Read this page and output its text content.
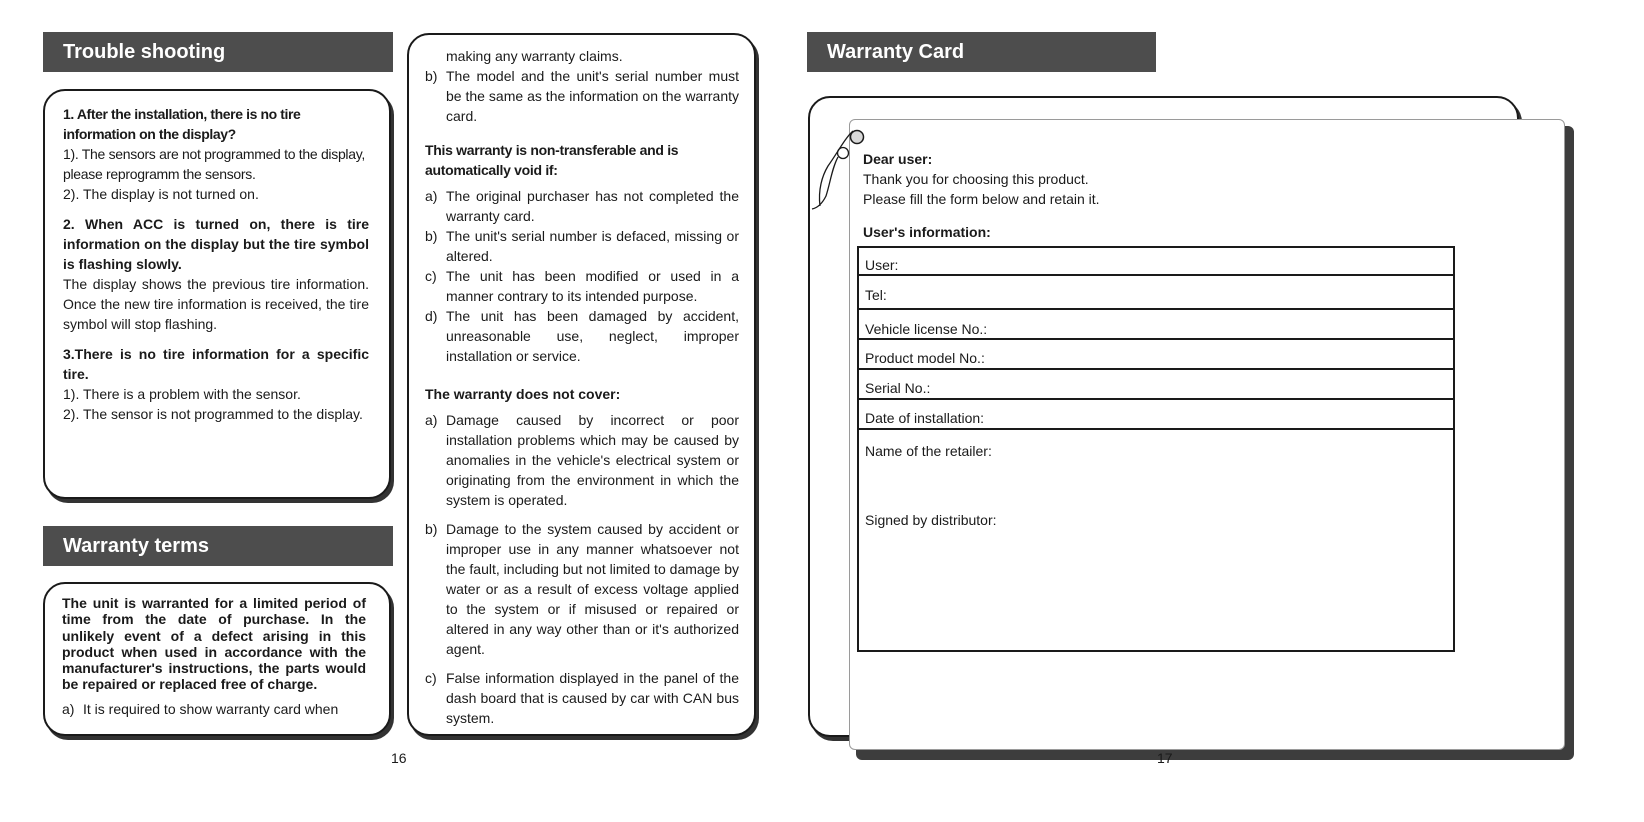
Trouble shooting

1. After the installation, there is no tire information on the display?

1). The sensors are not programmed to the display, please reprogramm the sensors.

2). The display is not turned on.

2. When ACC is turned on, there is tire information on the display but the tire symbol is flashing slowly.

The display shows the previous tire information. Once the new tire information is received, the tire symbol will stop flashing.

3.There is no tire information for a specific tire.

1). There is a problem with the sensor.

2). The sensor is not programmed to the display.

Warranty terms

The unit is warranted for a limited period of time from the date of purchase. In the unlikely event of a defect arising in this product when used in accordance with the manufacturer's instructions, the parts would be repaired or replaced free of charge.

a) It is required to show warranty card when
16

making any warranty claims.

b) The model and the unit's serial number must be the same as the information on the warranty card.

This warranty is non-transferable and is automatically void if:

a) The original purchaser has not completed the warranty card.
b) The unit's serial number is defaced, missing or altered.
c) The unit has been modified or used in a manner contrary to its intended purpose.
d) The unit has been damaged by accident, unreasonable use, neglect, improper installation or service.

The warranty does not cover:

a) Damage caused by incorrect or poor installation problems which may be caused by anomalies in the vehicle's electrical system or originating from the environment in which the system is operated.
b) Damage to the system caused by accident or improper use in any manner whatsoever not the fault, including but not limited to damage by water or as a result of excess voltage applied to the system or if misused or repaired or altered in any way other than or it's authorized agent.
c) False information displayed in the panel of the dash board that is caused by car with CAN bus system.
Warranty Card

Dear user:

Thank you for choosing this product.

Please fill the form below and retain it.

User's information:
User:
Tel:
Vehicle license No.:
Product model No.:
Serial No.:
Date of installation:
Name of the retailer:
Signed by distributor:
17
